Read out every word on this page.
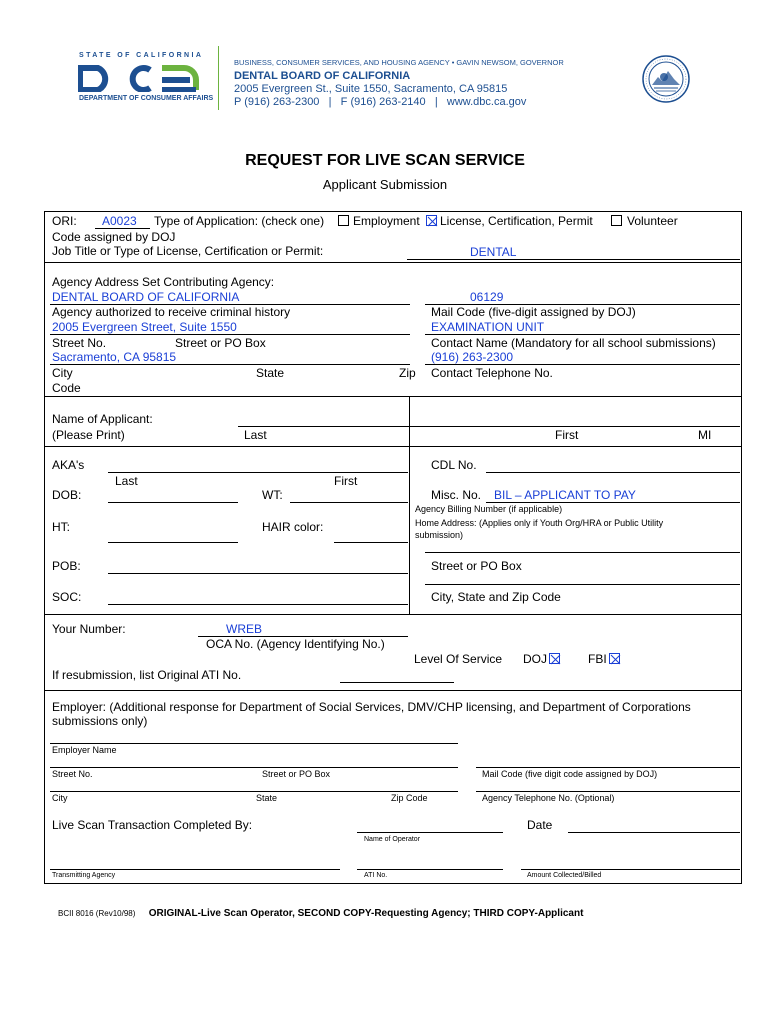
STATE OF CALIFORNIA
DEPARTMENT OF CONSUMER AFFAIRS
BUSINESS, CONSUMER SERVICES, AND HOUSING AGENCY • GAVIN NEWSOM, GOVERNOR
DENTAL BOARD OF CALIFORNIA
2005 Evergreen St., Suite 1550, Sacramento, CA 95815
P (916) 263-2300 | F (916) 263-2140 | www.dbc.ca.gov
REQUEST FOR LIVE SCAN SERVICE
Applicant Submission
ORI: A0023 Type of Application: (check one) Employment License, Certification, Permit	Volunteer
Code assigned by DOJ
Job Title or Type of License, Certification or Permit:	DENTAL
Agency Address Set Contributing Agency:
DENTAL BOARD OF CALIFORNIA	06129
Agency authorized to receive criminal history	Mail Code (five-digit assigned by DOJ)
2005 Evergreen Street, Suite 1550	EXAMINATION UNIT
Street No.	Street or PO Box	Contact Name (Mandatory for all school submissions)
Sacramento, CA 95815	(916) 263-2300
City	State	Zip Contact Telephone No.
Code
Name of Applicant:
(Please Print)	Last	First	MI
AKA's	CDL No.
Last	First
DOB:	WT:	Misc. No. BIL – APPLICANT TO PAY
Agency Billing Number (if applicable)
Home Address: (Applies only if Youth Org/HRA or Public Utility
submission)
HT:	HAIR color:
POB:	Street or PO Box
SOC:	City, State and Zip Code
Your Number:	WREB
OCA No. (Agency Identifying No.)
Level Of Service DOJ	FBI
If resubmission, list Original ATI No.
Employer: (Additional response for Department of Social Services, DMV/CHP licensing, and Department of Corporations
submissions only)
Employer Name
Street No.	Street or PO Box	Mail Code (five digit code assigned by DOJ)
City	State	Zip Code	Agency Telephone No. (Optional)
Live Scan Transaction Completed By:	Date
Name of Operator
Transmitting Agency	ATI No.	Amount Collected/Billed
BCII 8016 (Rev10/98) ORIGINAL-Live Scan Operator, SECOND COPY-Requesting Agency; THIRD COPY-Applicant
